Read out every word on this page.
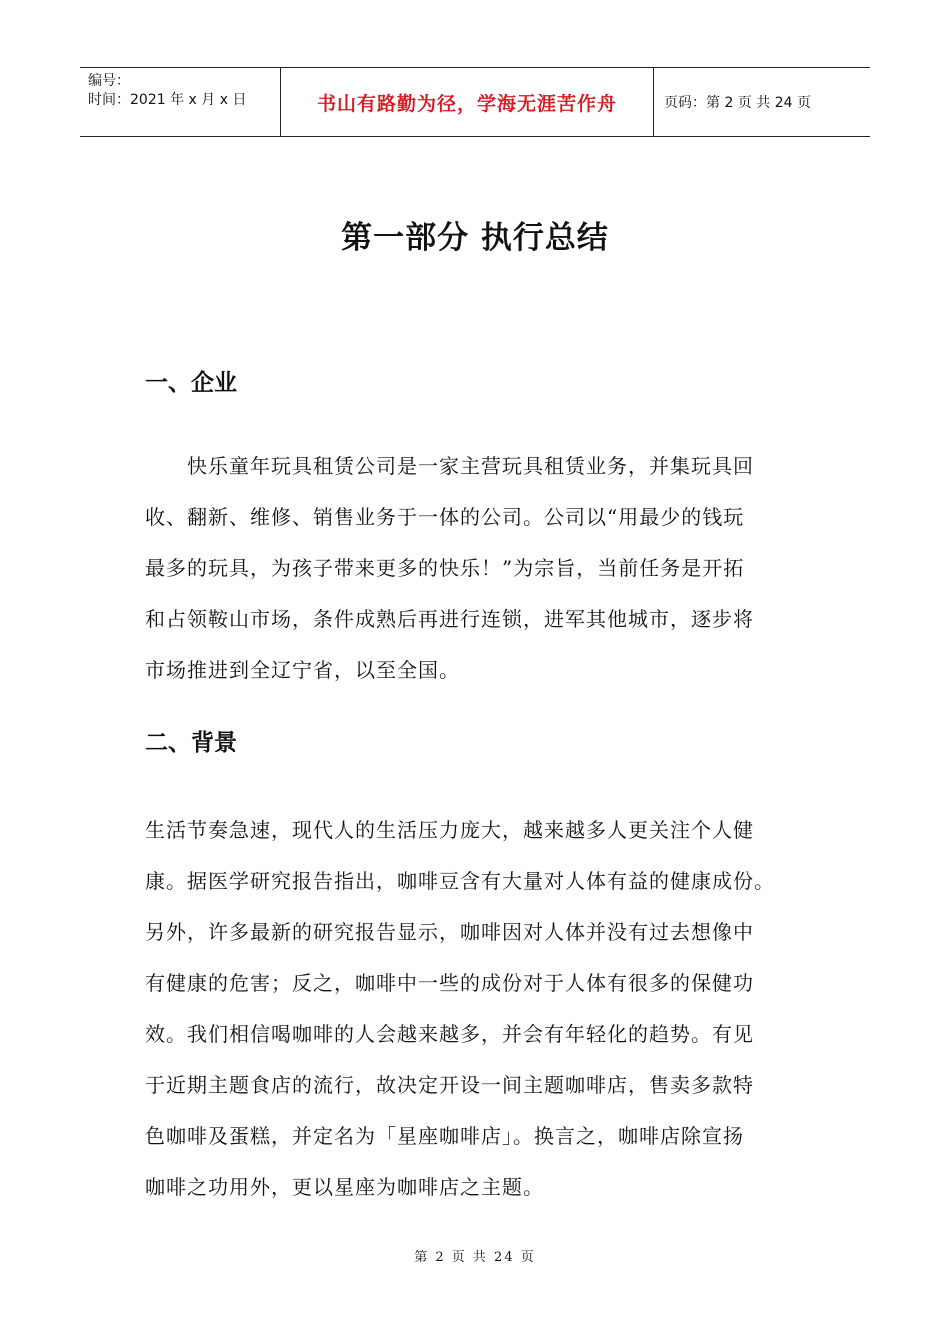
编号：
时间：2021 年 x 月 x 日	书山有路勤为径，学海无涯苦作舟	页码：第 2 页 共 24 页
第一部分 执行总结
一、企业
　　快乐童年玩具租赁公司是一家主营玩具租赁业务，并集玩具回
收、翻新、维修、销售业务于一体的公司。公司以“用最少的钱玩
最多的玩具，为孩子带来更多的快乐！”为宗旨，当前任务是开拓
和占领鞍山市场，条件成熟后再进行连锁，进军其他城市，逐步将
市场推进到全辽宁省，以至全国。
二、背景
生活节奏急速，现代人的生活压力庞大，越来越多人更关注个人健
康。据医学研究报告指出，咖啡豆含有大量对人体有益的健康成份。
另外，许多最新的研究报告显示，咖啡因对人体并没有过去想像中
有健康的危害；反之，咖啡中一些的成份对于人体有很多的保健功
效。我们相信喝咖啡的人会越来越多，并会有年轻化的趋势。有见
于近期主题食店的流行，故决定开设一间主题咖啡店，售卖多款特
色咖啡及蛋糕，并定名为「星座咖啡店」。换言之，咖啡店除宣扬
咖啡之功用外，更以星座为咖啡店之主题。
第 2 页 共 24 页
